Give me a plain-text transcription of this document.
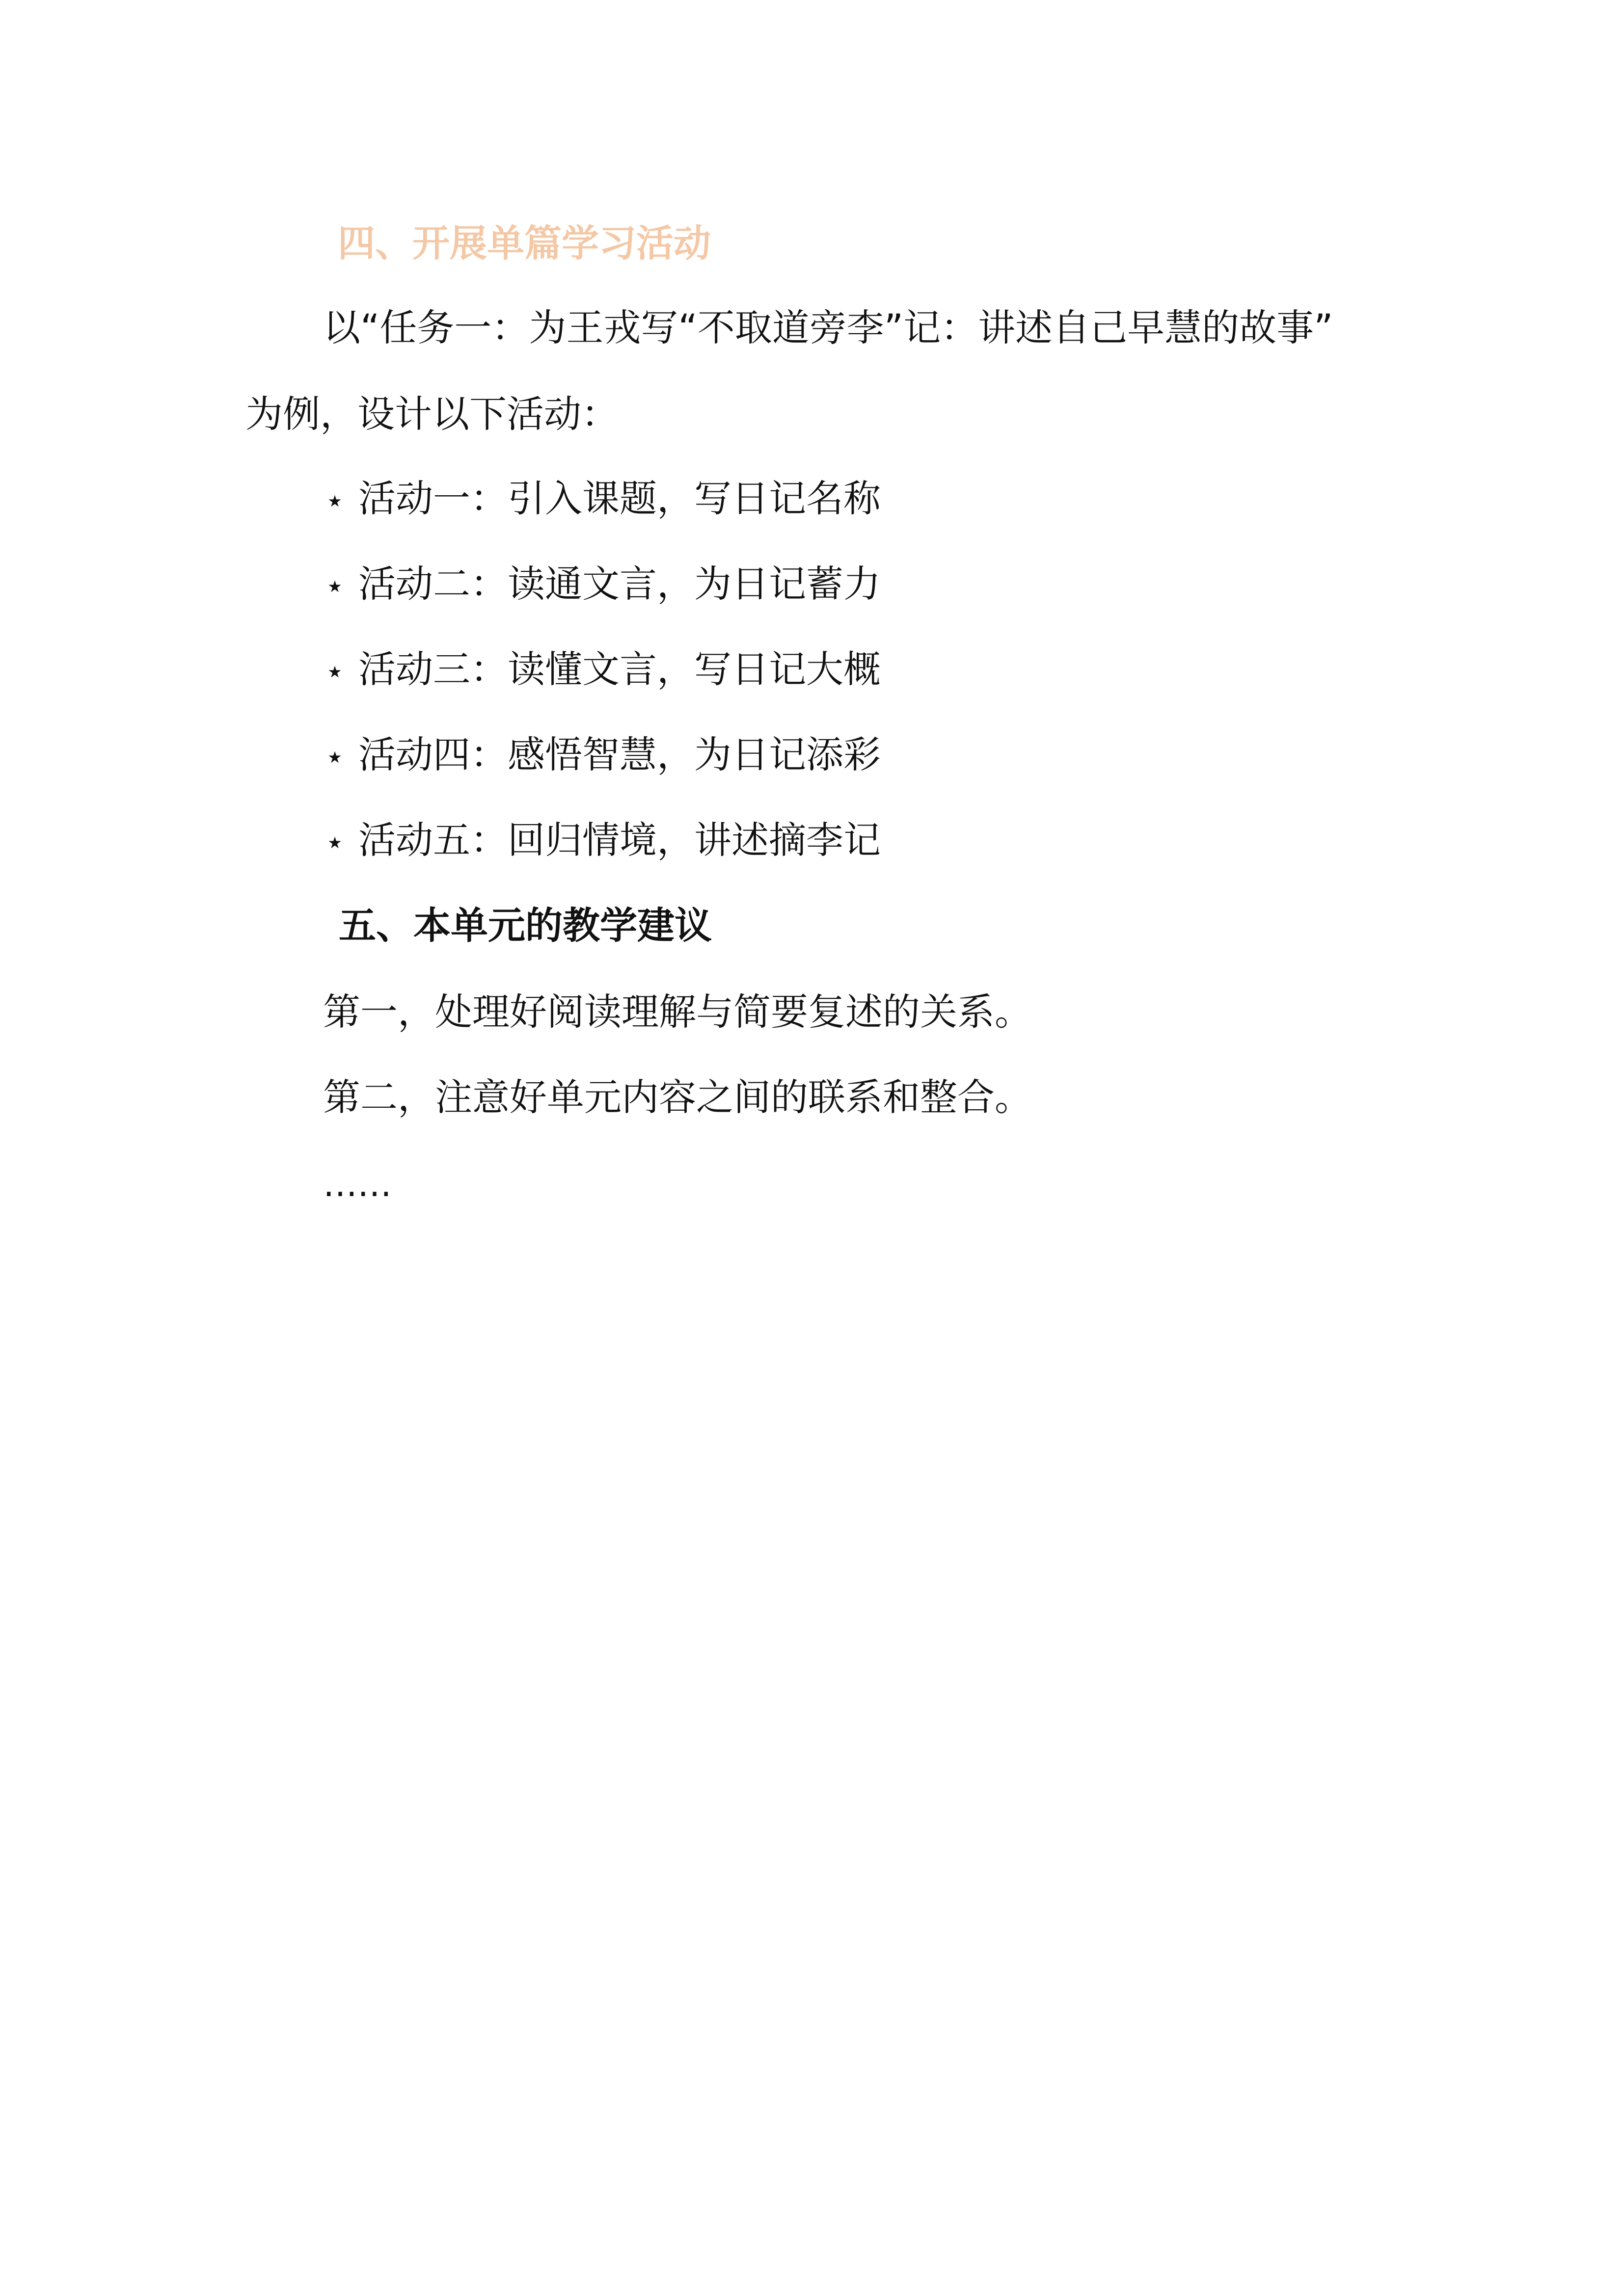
四、开展单篇学习活动
以“任务一：为王戎写“不取道旁李”记：讲述自己早慧的故事”
为例，设计以下活动：
⭑ 活动一：引入课题，写日记名称
⭑ 活动二：读通文言，为日记蓄力
⭑ 活动三：读懂文言，写日记大概
⭑ 活动四：感悟智慧，为日记添彩
⭑ 活动五：回归情境，讲述摘李记
五、本单元的教学建议
第一，处理好阅读理解与简要复述的关系。
第二，注意好单元内容之间的联系和整合。
……
